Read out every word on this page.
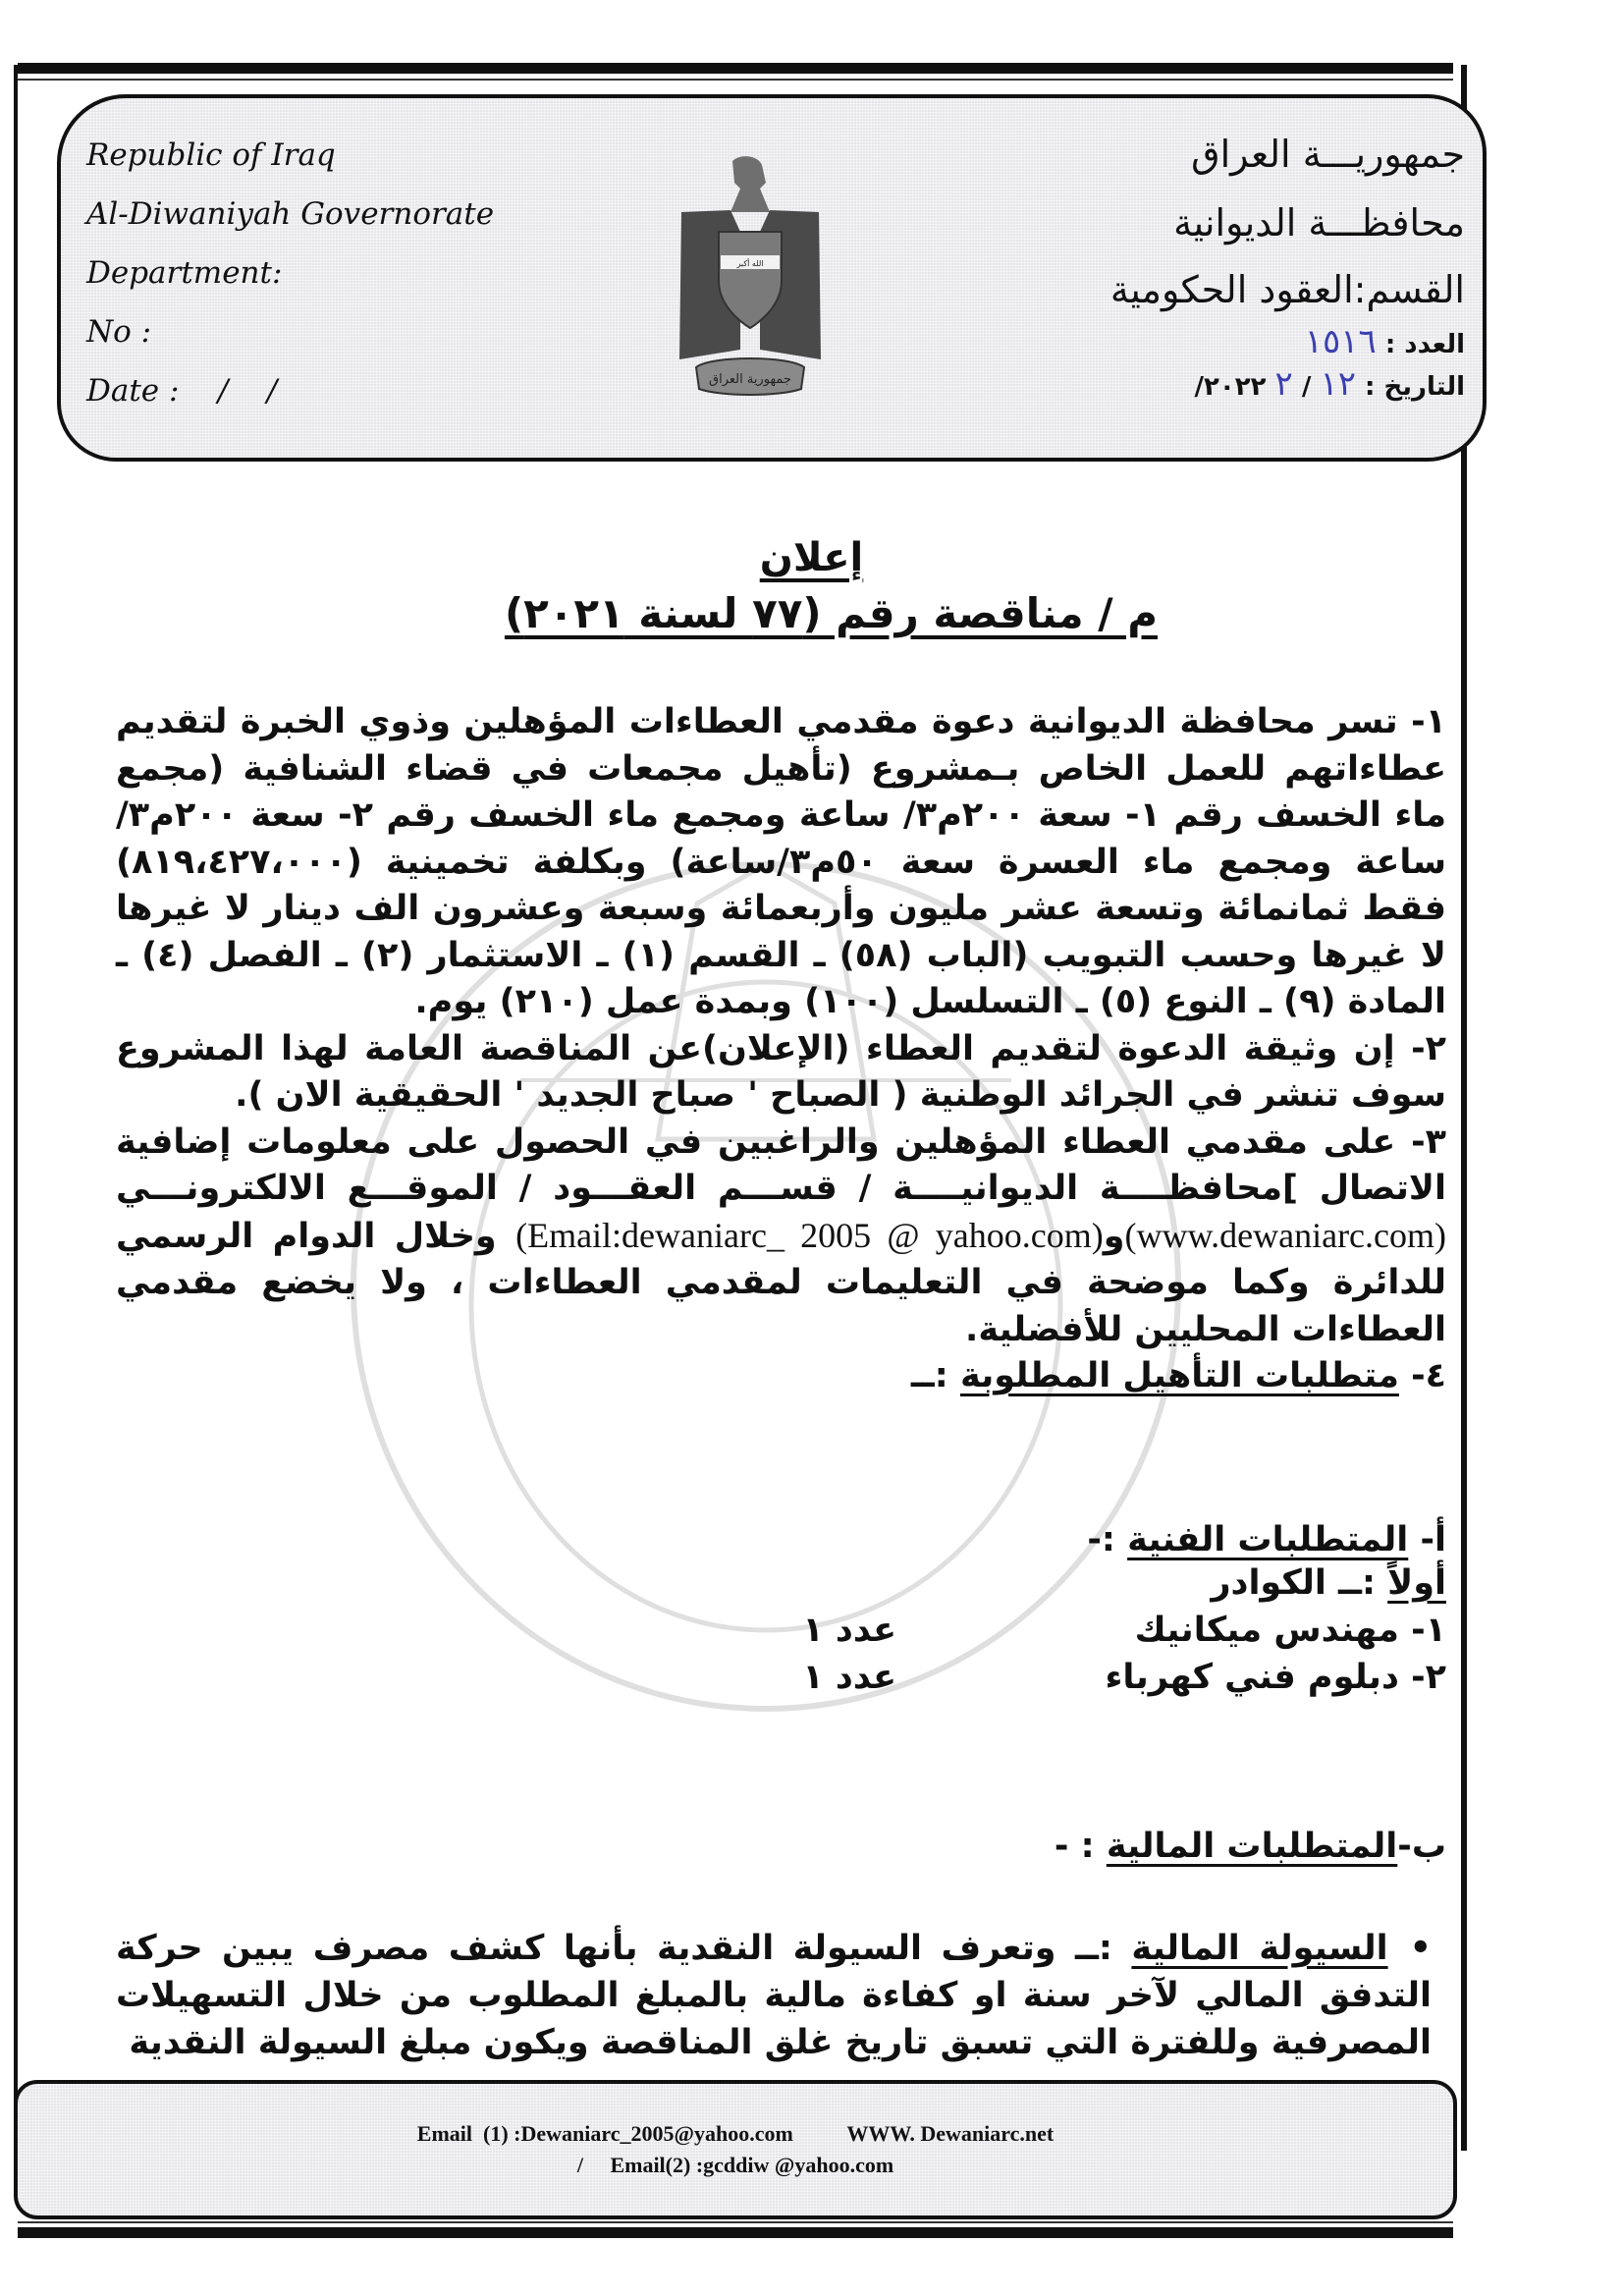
Republic of Iraq
Al-Diwaniyah Governorate
Department:
No :
Date :    /    /
الله أكبر
جمهورية العراق
جمهوريـــة العراق
محافظـــة الديوانية
القسم:العقود الحكومية
العدد : ١٥١٦
التاريخ : ١٢ / ٢ ٢٠٢٢/
إعلان
م / مناقصة رقم (٧٧ لسنة ٢٠٢١)

١- تسر محافظة الديوانية دعوة مقدمي العطاءات المؤهلين وذوي الخبرة لتقديم عطاءاتهم للعمل الخاص بـمشروع (تأهيل مجمعات في قضاء الشنافية (مجمع ماء الخسف رقم ١- سعة ٢٠٠م٣/ ساعة ومجمع ماء الخسف رقم ٢- سعة ٢٠٠م٣/ساعة ومجمع ماء العسرة سعة ٥٠م٣/ساعة) وبكلفة تخمينية (٨١٩،٤٢٧،٠٠٠) فقط ثمانمائة وتسعة عشر مليون وأربعمائة وسبعة وعشرون الف دينار لا غيرها لا غيرها وحسب التبويب (الباب (٥٨) ـ القسم (١) ـ الاستثمار (٢) ـ الفصل (٤) ـ المادة (٩) ـ النوع (٥) ـ التسلسل (١٠٠) وبمدة عمل (٢١٠) يوم.

٢- إن وثيقة الدعوة لتقديم العطاء (الإعلان)عن المناقصة العامة لهذا المشروع سوف تنشر في الجرائد الوطنية ( الصباح ' صباح الجديد ' الحقيقية الان ).

٣- على مقدمي العطاء المؤهلين والراغبين في الحصول على معلومات إضافية الاتصال ]محافظــــة الديوانيــــة / قســـم العقـــود / الموقـــع الالكترونـــي (www.dewaniarc.com)و(Email:dewaniarc_ 2005 @ yahoo.com) وخلال الدوام الرسمي للدائرة وكما موضحة في التعليمات لمقدمي العطاءات ، ولا يخضع مقدمي العطاءات المحليين للأفضلية.

٤- متطلبات التأهيل المطلوبة :ــ

أ- المتطلبات الفنية :-
أولاً :ــ الكوادر
١- مهندس ميكانيك
عدد ١
٢- دبلوم فني كهرباء
عدد ١
ب-المتطلبات المالية : -
•السيولة المالية :ــ وتعرف السيولة النقدية بأنها كشف مصرف يبين حركة التدفق المالي لآخر سنة او كفاءة مالية بالمبلغ المطلوب من خلال التسهيلات المصرفية وللفترة التي تسبق تاريخ غلق المناقصة ويكون مبلغ السيولة النقدية
Email  (1) :Dewaniarc_2005@yahoo.com          WWW. Dewaniarc.net
/     Email(2) :gcddiw @yahoo.com
